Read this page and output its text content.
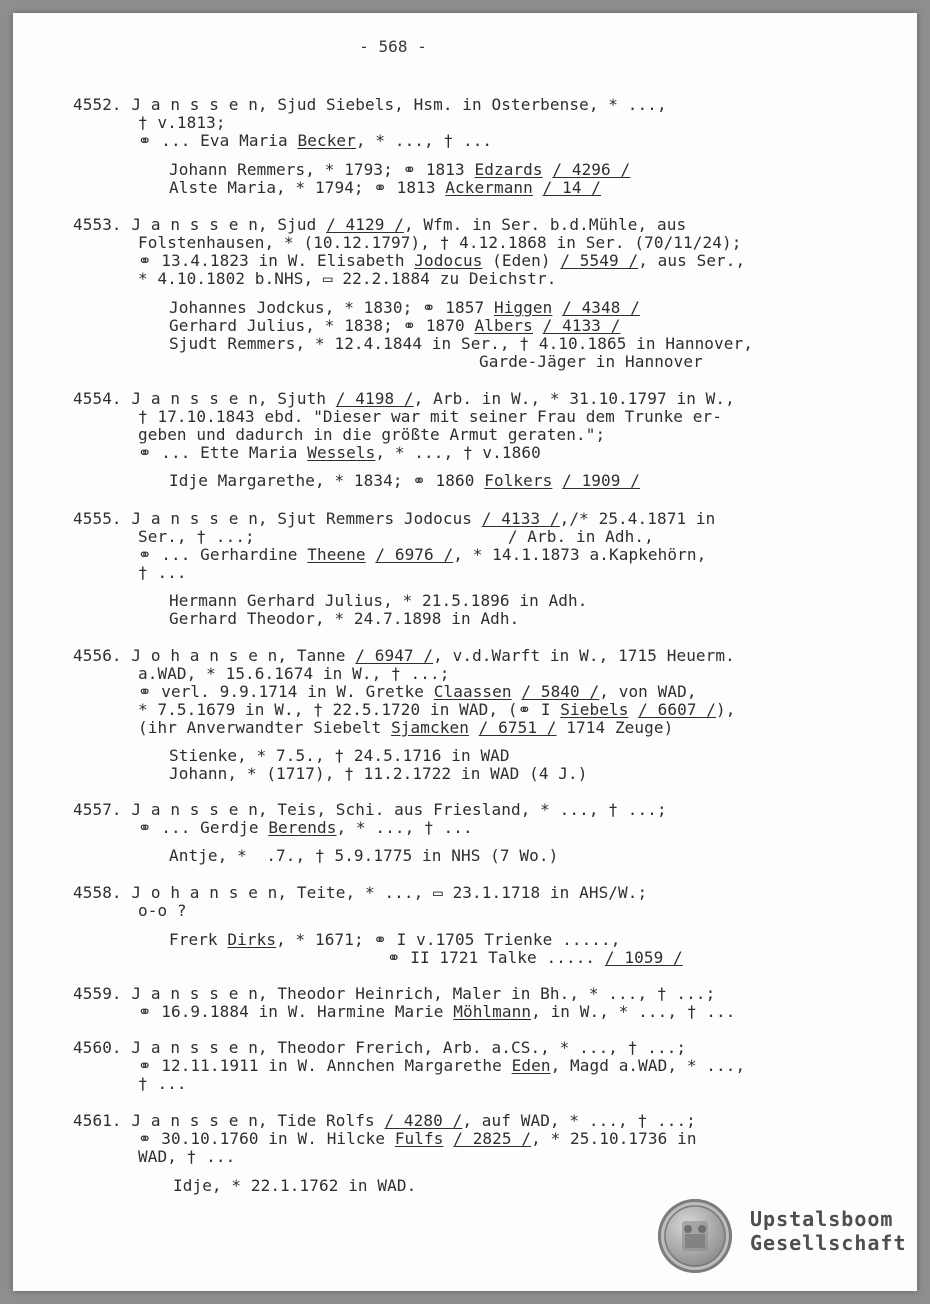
- 568 -
4552. J a n s s e n, Sjud Siebels, Hsm. in Osterbense, * ...,
† v.1813;
⚭ ... Eva Maria Becker, * ..., † ...
Johann Remmers, * 1793; ⚭ 1813 Edzards / 4296 /
Alste Maria, * 1794; ⚭ 1813 Ackermann / 14 /
4553. J a n s s e n, Sjud / 4129 /, Wfm. in Ser. b.d.Mühle, aus
Folstenhausen, * (10.12.1797), † 4.12.1868 in Ser. (70/11/24);
⚭ 13.4.1823 in W. Elisabeth Jodocus (Eden) / 5549 /, aus Ser.,
* 4.10.1802 b.NHS, ▭ 22.2.1884 zu Deichstr.
Johannes Jodckus, * 1830; ⚭ 1857 Higgen / 4348 /
Gerhard Julius, * 1838; ⚭ 1870 Albers / 4133 /
Sjudt Remmers, * 12.4.1844 in Ser., † 4.10.1865 in Hannover,
Garde-Jäger in Hannover
4554. J a n s s e n, Sjuth / 4198 /, Arb. in W., * 31.10.1797 in W.,
† 17.10.1843 ebd. "Dieser war mit seiner Frau dem Trunke er-
geben und dadurch in die größte Armut geraten.";
⚭ ... Ette Maria Wessels, * ..., † v.1860
Idje Margarethe, * 1834; ⚭ 1860 Folkers / 1909 /
4555. J a n s s e n, Sjut Remmers Jodocus / 4133 /,/* 25.4.1871 in
Ser., † ...;                          / Arb. in Adh.,
⚭ ... Gerhardine Theene / 6976 /, * 14.1.1873 a.Kapkehörn,
† ...
Hermann Gerhard Julius, * 21.5.1896 in Adh.
Gerhard Theodor, * 24.7.1898 in Adh.
4556. J o h a n s e n, Tanne / 6947 /, v.d.Warft in W., 1715 Heuerm.
a.WAD, * 15.6.1674 in W., † ...;
⚭ verl. 9.9.1714 in W. Gretke Claassen / 5840 /, von WAD,
* 7.5.1679 in W., † 22.5.1720 in WAD, (⚭ I Siebels / 6607 /),
(ihr Anverwandter Siebelt Sjamcken / 6751 / 1714 Zeuge)
Stienke, * 7.5., † 24.5.1716 in WAD
Johann, * (1717), † 11.2.1722 in WAD (4 J.)
4557. J a n s s e n, Teis, Schi. aus Friesland, * ..., † ...;
⚭ ... Gerdje Berends, * ..., † ...
Antje, *  .7., † 5.9.1775 in NHS (7 Wo.)
4558. J o h a n s e n, Teite, * ..., ▭ 23.1.1718 in AHS/W.;
o-o ?
Frerk Dirks, * 1671; ⚭ I v.1705 Trienke .....,
⚭ II 1721 Talke ..... / 1059 /
4559. J a n s s e n, Theodor Heinrich, Maler in Bh., * ..., † ...;
⚭ 16.9.1884 in W. Harmine Marie Möhlmann, in W., * ..., † ...
4560. J a n s s e n, Theodor Frerich, Arb. a.CS., * ..., † ...;
⚭ 12.11.1911 in W. Annchen Margarethe Eden, Magd a.WAD, * ...,
† ...
4561. J a n s s e n, Tide Rolfs / 4280 /, auf WAD, * ..., † ...;
⚭ 30.10.1760 in W. Hilcke Fulfs / 2825 /, * 25.10.1736 in
WAD, † ...
Idje, * 22.1.1762 in WAD.
Upstalsboom
Gesellschaft
